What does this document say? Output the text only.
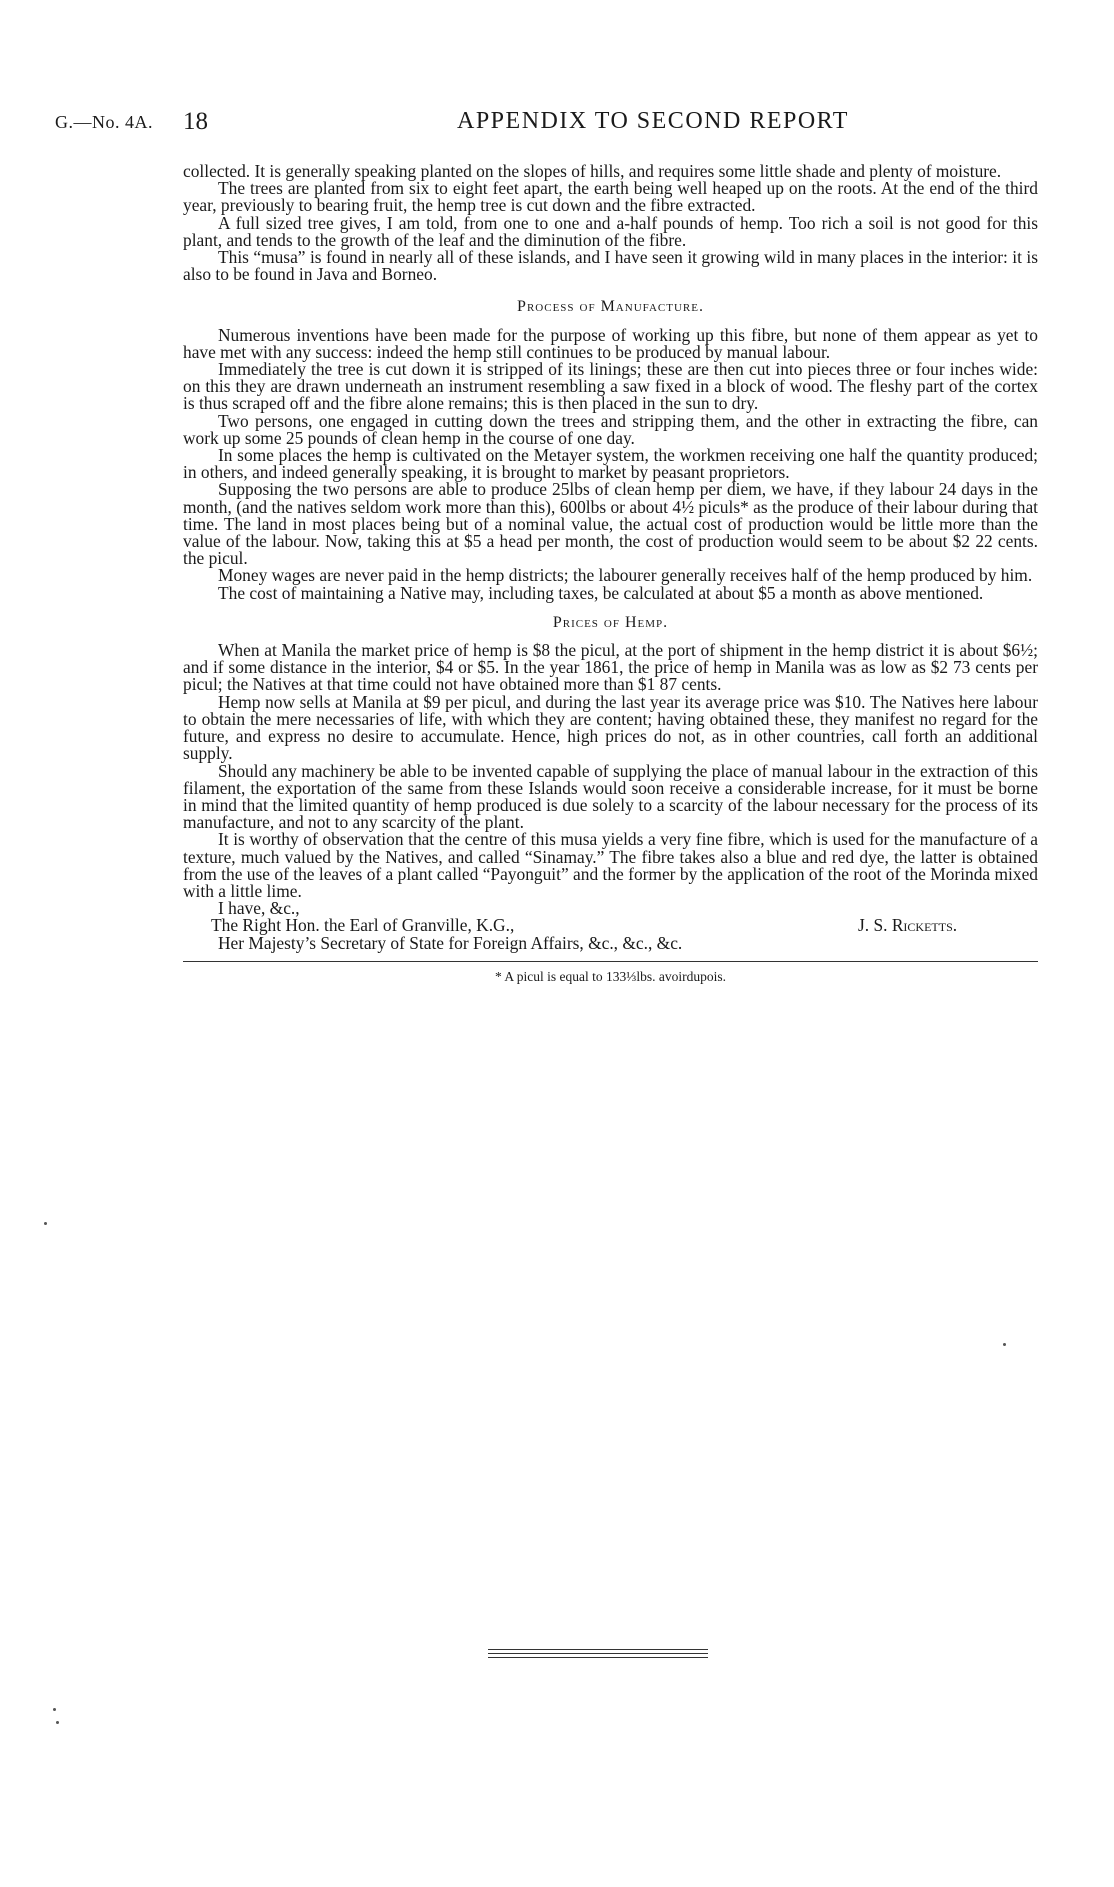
G.—No. 4A. 18	APPENDIX TO SECOND REPORT

collected. It is generally speaking planted on the slopes of hills, and requires some little shade and plenty of moisture.

The trees are planted from six to eight feet apart, the earth being well heaped up on the roots. At the end of the third year, previously to bearing fruit, the hemp tree is cut down and the fibre extracted.

A full sized tree gives, I am told, from one to one and a-half pounds of hemp. Too rich a soil is not good for this plant, and tends to the growth of the leaf and the diminution of the fibre.

This “musa” is found in nearly all of these islands, and I have seen it growing wild in many places in the interior: it is also to be found in Java and Borneo.

Process of Manufacture.

Numerous inventions have been made for the purpose of working up this fibre, but none of them appear as yet to have met with any success: indeed the hemp still continues to be produced by manual labour.

Immediately the tree is cut down it is stripped of its linings; these are then cut into pieces three or four inches wide: on this they are drawn underneath an instrument resembling a saw fixed in a block of wood. The fleshy part of the cortex is thus scraped off and the fibre alone remains; this is then placed in the sun to dry.

Two persons, one engaged in cutting down the trees and stripping them, and the other in extracting the fibre, can work up some 25 pounds of clean hemp in the course of one day.

In some places the hemp is cultivated on the Metayer system, the workmen receiving one half the quantity produced; in others, and indeed generally speaking, it is brought to market by peasant proprietors.

Supposing the two persons are able to produce 25lbs of clean hemp per diem, we have, if they labour 24 days in the month, (and the natives seldom work more than this), 600lbs or about 4½ piculs* as the produce of their labour during that time. The land in most places being but of a nominal value, the actual cost of production would be little more than the value of the labour. Now, taking this at $5 a head per month, the cost of production would seem to be about $2 22 cents. the picul.

Money wages are never paid in the hemp districts; the labourer generally receives half of the hemp produced by him.

The cost of maintaining a Native may, including taxes, be calculated at about $5 a month as above mentioned.

Prices of Hemp.

When at Manila the market price of hemp is $8 the picul, at the port of shipment in the hemp district it is about $6½; and if some distance in the interior, $4 or $5. In the year 1861, the price of hemp in Manila was as low as $2 73 cents per picul; the Natives at that time could not have obtained more than $1 87 cents.

Hemp now sells at Manila at $9 per picul, and during the last year its average price was $10. The Natives here labour to obtain the mere necessaries of life, with which they are content; having obtained these, they manifest no regard for the future, and express no desire to accumulate. Hence, high prices do not, as in other countries, call forth an additional supply.

Should any machinery be able to be invented capable of supplying the place of manual labour in the extraction of this filament, the exportation of the same from these Islands would soon receive a considerable increase, for it must be borne in mind that the limited quantity of hemp produced is due solely to a scarcity of the labour necessary for the process of its manufacture, and not to any scarcity of the plant.

It is worthy of observation that the centre of this musa yields a very fine fibre, which is used for the manufacture of a texture, much valued by the Natives, and called “Sinamay.” The fibre takes also a blue and red dye, the latter is obtained from the use of the leaves of a plant called “Payonguit” and the former by the application of the root of the Morinda mixed with a little lime.

I have, &c.,

The Right Hon. the Earl of Granville, K.G.,	J. S. Ricketts.

Her Majesty’s Secretary of State for Foreign Affairs, &c., &c., &c.

* A picul is equal to 133⅓lbs. avoirdupois.
